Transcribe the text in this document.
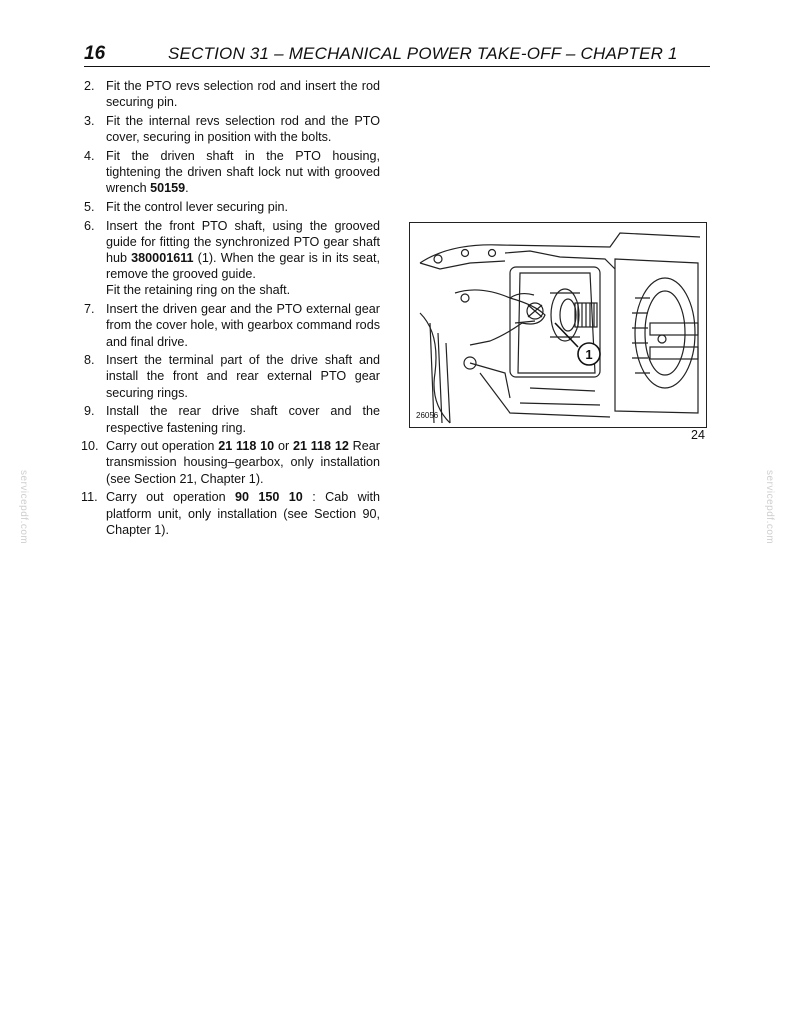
16	SECTION 31 – MECHANICAL POWER TAKE-OFF – CHAPTER 1
2. Fit the PTO revs selection rod and insert the rod securing pin.
3. Fit the internal revs selection rod and the PTO cover, securing in position with the bolts.
4. Fit the driven shaft in the PTO housing, tightening the driven shaft lock nut with grooved wrench 50159.
5. Fit the control lever securing pin.
6. Insert the front PTO shaft, using the grooved guide for fitting the synchronized PTO gear shaft hub 380001611 (1). When the gear is in its seat, remove the grooved guide.
Fit the retaining ring on the shaft.
7. Insert the driven gear and the PTO external gear from the cover hole, with gearbox command rods and final drive.
8. Insert the terminal part of the drive shaft and install the front and rear external PTO gear securing rings.
9. Install the rear drive shaft cover and the respective fastening ring.
10. Carry out operation 21 118 10 or 21 118 12 Rear transmission housing–gearbox, only installation (see Section 21, Chapter 1).
11. Carry out operation 90 150 10 : Cab with platform unit, only installation (see Section 90, Chapter 1).
1
26056
24
servicepdf.com	servicepdf.com
